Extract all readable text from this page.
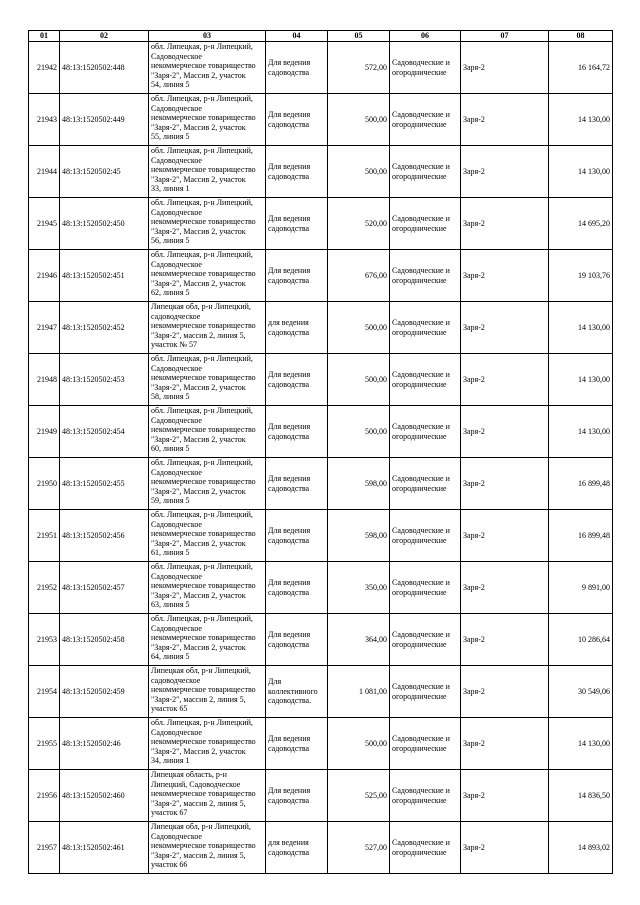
01	02	03	04	05	06	07	08
21942	48:13:1520502:448	обл. Липецкая, р-н Липецкий,
Садоводческое
некоммерческое товарищество
"Заря-2", Массив 2, участок
54, линия 5	Для ведения
садоводства	572,00	Садоводческие и
огороднические	Заря-2	16 164,72
21943	48:13:1520502:449	обл. Липецкая, р-н Липецкий,
Садоводческое
некоммерческое товарищество
"Заря-2", Массив 2, участок
55, линия 5	Для ведения
садоводства	500,00	Садоводческие и
огороднические	Заря-2	14 130,00
21944	48:13:1520502:45	обл. Липецкая, р-н Липецкий,
Садоводческое
некоммерческое товарищество
"Заря-2", Массив 2, участок
33, линия 1	Для ведения
садоводства	500,00	Садоводческие и
огороднические	Заря-2	14 130,00
21945	48:13:1520502:450	обл. Липецкая, р-н Липецкий,
Садоводческое
некоммерческое товарищество
"Заря-2", Массив 2, участок
56, линия 5	Для ведения
садоводства	520,00	Садоводческие и
огороднические	Заря-2	14 695,20
21946	48:13:1520502:451	обл. Липецкая, р-н Липецкий,
Садоводческое
некоммерческое товарищество
"Заря-2", Массив 2, участок
62, линия 5	Для ведения
садоводства	676,00	Садоводческие и
огороднические	Заря-2	19 103,76
21947	48:13:1520502:452	Липецкая обл, р-н Липецкий,
садоводческое
некоммерческое товарищество
"Заря-2", массив 2, линия 5,
участок № 57	для ведения
садоводства	500,00	Садоводческие и
огороднические	Заря-2	14 130,00
21948	48:13:1520502:453	обл. Липецкая, р-н Липецкий,
Садоводческое
некоммерческое товарищество
"Заря-2", Массив 2, участок
58, линия 5	Для ведения
садоводства	500,00	Садоводческие и
огороднические	Заря-2	14 130,00
21949	48:13:1520502:454	обл. Липецкая, р-н Липецкий,
Садоводческое
некоммерческое товарищество
"Заря-2", Массив 2, участок
60, линия 5	Для ведения
садоводства	500,00	Садоводческие и
огороднические	Заря-2	14 130,00
21950	48:13:1520502:455	обл. Липецкая, р-н Липецкий,
Садоводческое
некоммерческое товарищество
"Заря-2", Массив 2, участок
59, линия 5	Для ведения
садоводства	598,00	Садоводческие и
огороднические	Заря-2	16 899,48
21951	48:13:1520502:456	обл. Липецкая, р-н Липецкий,
Садоводческое
некоммерческое товарищество
"Заря-2", Массив 2, участок
61, линия 5	Для ведения
садоводства	598,00	Садоводческие и
огороднические	Заря-2	16 899,48
21952	48:13:1520502:457	обл. Липецкая, р-н Липецкий,
Садоводческое
некоммерческое товарищество
"Заря-2", Массив 2, участок
63, линия 5	Для ведения
садоводства	350,00	Садоводческие и
огороднические	Заря-2	9 891,00
21953	48:13:1520502:458	обл. Липецкая, р-н Липецкий,
Садоводческое
некоммерческое товарищество
"Заря-2", Массив 2, участок
64, линия 5	Для ведения
садоводства	364,00	Садоводческие и
огороднические	Заря-2	10 286,64
21954	48:13:1520502:459	Липецкая обл, р-н Липецкий,
садоводческое
некоммерческое товарищество
"Заря-2", массив 2, линия 5,
участок 65	Для
коллективного
садоводства.	1 081,00	Садоводческие и
огороднические	Заря-2	30 549,06
21955	48:13:1520502:46	обл. Липецкая, р-н Липецкий,
Садоводческое
некоммерческое товарищество
"Заря-2", Массив 2, участок
34, линия 1	Для ведения
садоводства	500,00	Садоводческие и
огороднические	Заря-2	14 130,00
21956	48:13:1520502:460	Липецкая область, р-н
Липецкий, Садоводческое
некоммерческое товарищество
"Заря-2", массив 2, линия 5,
участок 67	Для ведения
садоводства	525,00	Садоводческие и
огороднические	Заря-2	14 836,50
21957	48:13:1520502:461	Липецкая обл, р-н Липецкий,
Садоводческое
некоммерческое товарищество
"Заря-2", массив 2, линия 5,
участок 66	для ведения
садоводства	527,00	Садоводческие и
огороднические	Заря-2	14 893,02
